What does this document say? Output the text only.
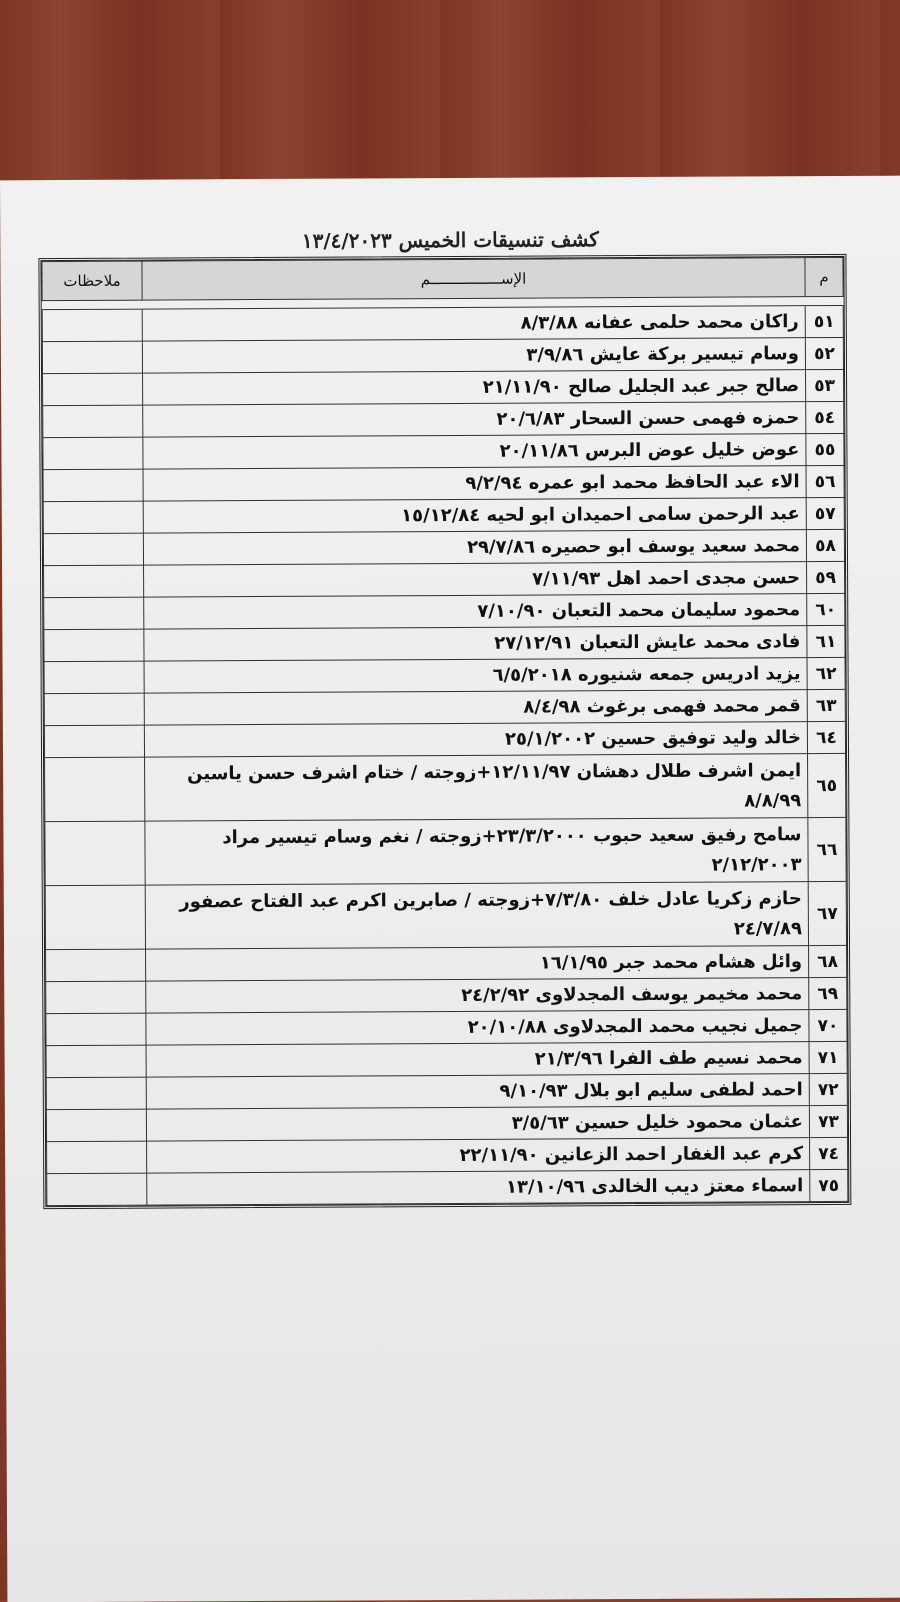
كشف تنسيقات الخميس ١٣/٤/٢٠٢٣
م	الإســــــــــــــــم	ملاحظات

٥١	راكان محمد حلمى عفانه ٨/٣/٨٨	
٥٢	وسام تيسير بركة عايش ٣/٩/٨٦	
٥٣	صالح جبر عبد الجليل صالح ٢١/١١/٩٠	
٥٤	حمزه فهمى حسن السحار ٢٠/٦/٨٣	
٥٥	عوض خليل عوض البرس ٢٠/١١/٨٦	
٥٦	الاء عبد الحافظ محمد ابو عمره ٩/٢/٩٤	
٥٧	عبد الرحمن سامى احميدان ابو لحيه ١٥/١٢/٨٤	
٥٨	محمد سعيد يوسف ابو حصيره ٢٩/٧/٨٦	
٥٩	حسن مجدى احمد اهل ٧/١١/٩٣	
٦٠	محمود سليمان محمد التعبان ٧/١٠/٩٠	
٦١	فادى محمد عايش التعبان ٢٧/١٢/٩١	
٦٢	يزيد ادريس جمعه شنيوره ٦/٥/٢٠١٨	
٦٣	قمر محمد فهمى برغوث ٨/٤/٩٨	
٦٤	خالد وليد توفيق حسين ٢٥/١/٢٠٠٢	
٦٥	ايمن اشرف طلال دهشان ١٢/١١/٩٧+زوجته / ختام اشرف حسن ياسين ٨/٨/٩٩	
٦٦	سامح رفيق سعيد حبوب ٢٣/٣/٢٠٠٠+زوجته / نغم وسام تيسير مراد ٢/١٢/٢٠٠٣	
٦٧	حازم زكريا عادل خلف ٧/٣/٨٠+زوجته / صابرين اكرم عبد الفتاح عصفور ٢٤/٧/٨٩	
٦٨	وائل هشام محمد جبر ١٦/١/٩٥	
٦٩	محمد مخيمر يوسف المجدلاوى ٢٤/٢/٩٢	
٧٠	جميل نجيب محمد المجدلاوى ٢٠/١٠/٨٨	
٧١	محمد نسيم طف الفرا ٢١/٣/٩٦	
٧٢	احمد لطفى سليم ابو بلال ٩/١٠/٩٣	
٧٣	عثمان محمود خليل حسين ٣/٥/٦٣	
٧٤	كرم عبد الغفار احمد الزعانين ٢٢/١١/٩٠	
٧٥	اسماء معتز ديب الخالدى ١٣/١٠/٩٦	
